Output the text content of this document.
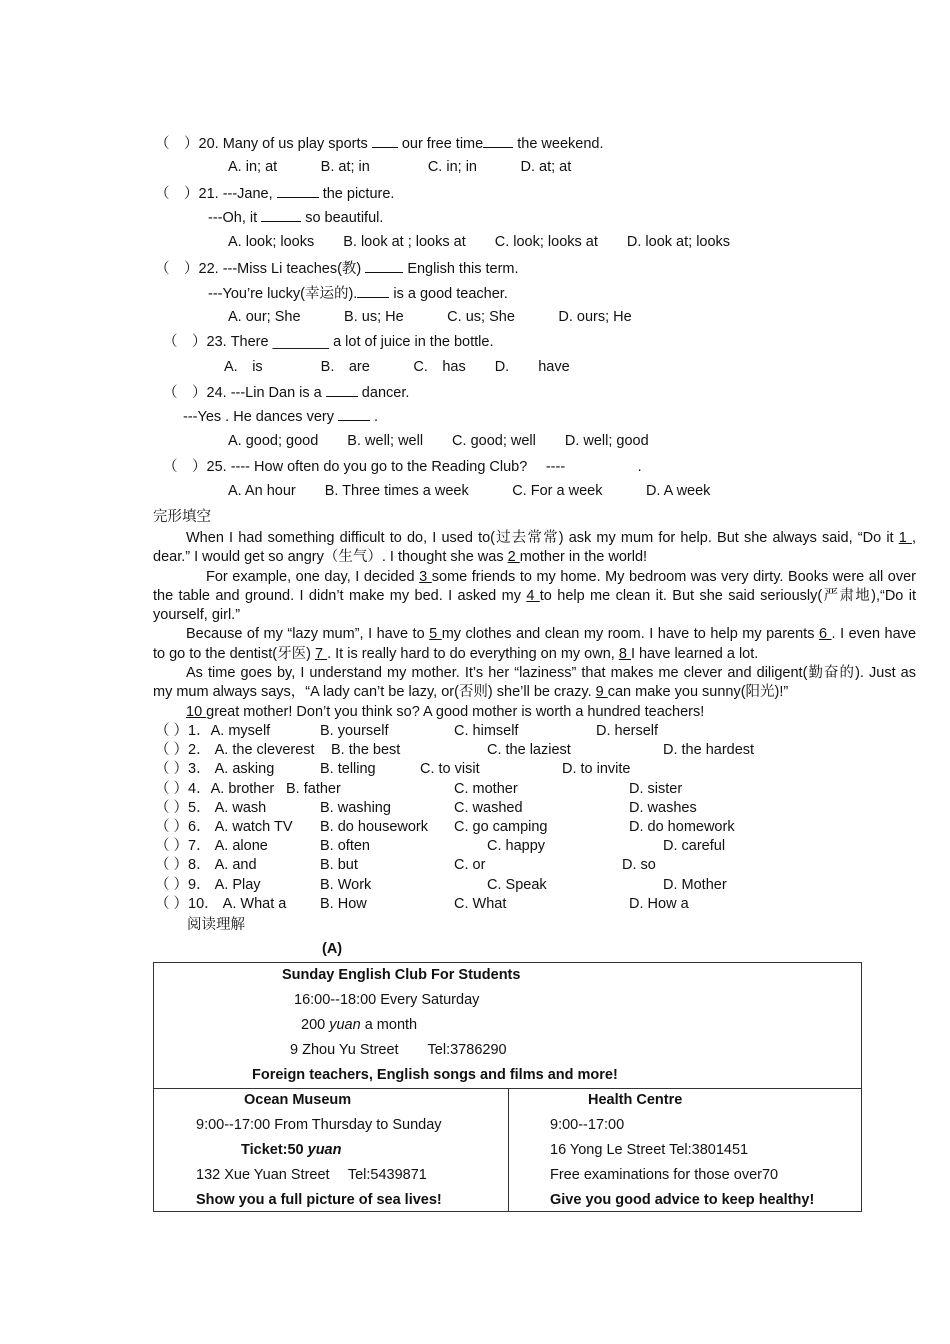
（　）20. Many of us play sports  our free time the weekend.
A. in; at　　　B. at; in　　　　C. in; in　　　D. at; at
（　）21. ---Jane,	the picture.
---Oh, it	so beautiful.
A. look; looks　　B. look at ; looks at　　C. look; looks at　　D. look at; looks
（　）22. ---Miss Li teaches(教)	English this term.
---You’re lucky(幸运的). is a good teacher.
A. our; She　　　B. us; He　　　C. us; She　　　D. ours; He
（　）23. There _______ a lot of juice in the bottle.
A.　is　　　　B.　are　　　C.　has　　D.　　have
（　）24. ---Lin Dan is a  dancer.
---Yes . He dances very  .
A. good; good　　B. well; well　　C. good; well　　D. well; good
（　）25. ---- How often do you go to the Reading Club?　 ----　　　　　.
A. An hour　　B. Three times a week　　　C. For a week　　　D. A week
完形填空

When I had something difficult to do, I used to(过去常常) ask my mum for help. But she always said, “Do it 1 , dear.” I would get so angry（生气）. I thought she was 2 mother in the world!

For example, one day, I decided 3 some friends to my home. My bedroom was very dirty. Books were all over the table and ground. I didn’t make my bed. I asked my 4 to help me clean it. But she said seriously(严肃地),“Do it yourself, girl.”

Because of my “lazy mum”, I have to 5 my clothes and clean my room. I have to help my parents 6 . I even have to go to the dentist(牙医) 7 . It is really hard to do everything on my own, 8 I have learned a lot.

As time goes by, I understand my mother. It’s her “laziness” that makes me clever and diligent(勤奋的). Just as my mum always says，“A lady can’t be lazy, or(否则) she’ll be crazy. 9 can make you sunny(阳光)!”

10 great mother! Don’t you think so? A good mother is worth a hundred teachers!

（ ）1．A. myself	B. yourself	C. himself	D. herself
（ ）2． A. the cleverest B. the best	C. the laziest	D. the hardest
（ ）3． A. asking	B. telling	C. to visit	D. to invite
（ ）4．A. brother B. father	C. mother	D. sister
（ ）5． A. wash	B. washing	C. washed	D. washes
（ ）6． A. watch TV B. do housework C. go camping	D. do homework
（ ）7． A. alone	B. often	C. happy	D. careful
（ ）8． A. and	B. but	C. or	D. so
（ ）9． A. Play	B. Work	C. Speak	D. Mother
（ ）10． A. What a B. How	C. What	D. How a
阅读理解
(A)
Sunday English Club For Students
16:00--18:00 Every Saturday
200 yuan a month
9 Zhou Yu Street　　Tel:3786290
Foreign teachers, English songs and films and more!
Ocean Museum
9:00--17:00 From Thursday to Sunday
Ticket:50 yuan
132 Xue Yuan Street　 Tel:5439871
Show you a full picture of sea lives!
Health Centre
9:00--17:00
16 Yong Le Street Tel:3801451
Free examinations for those over70
Give you good advice to keep healthy!
